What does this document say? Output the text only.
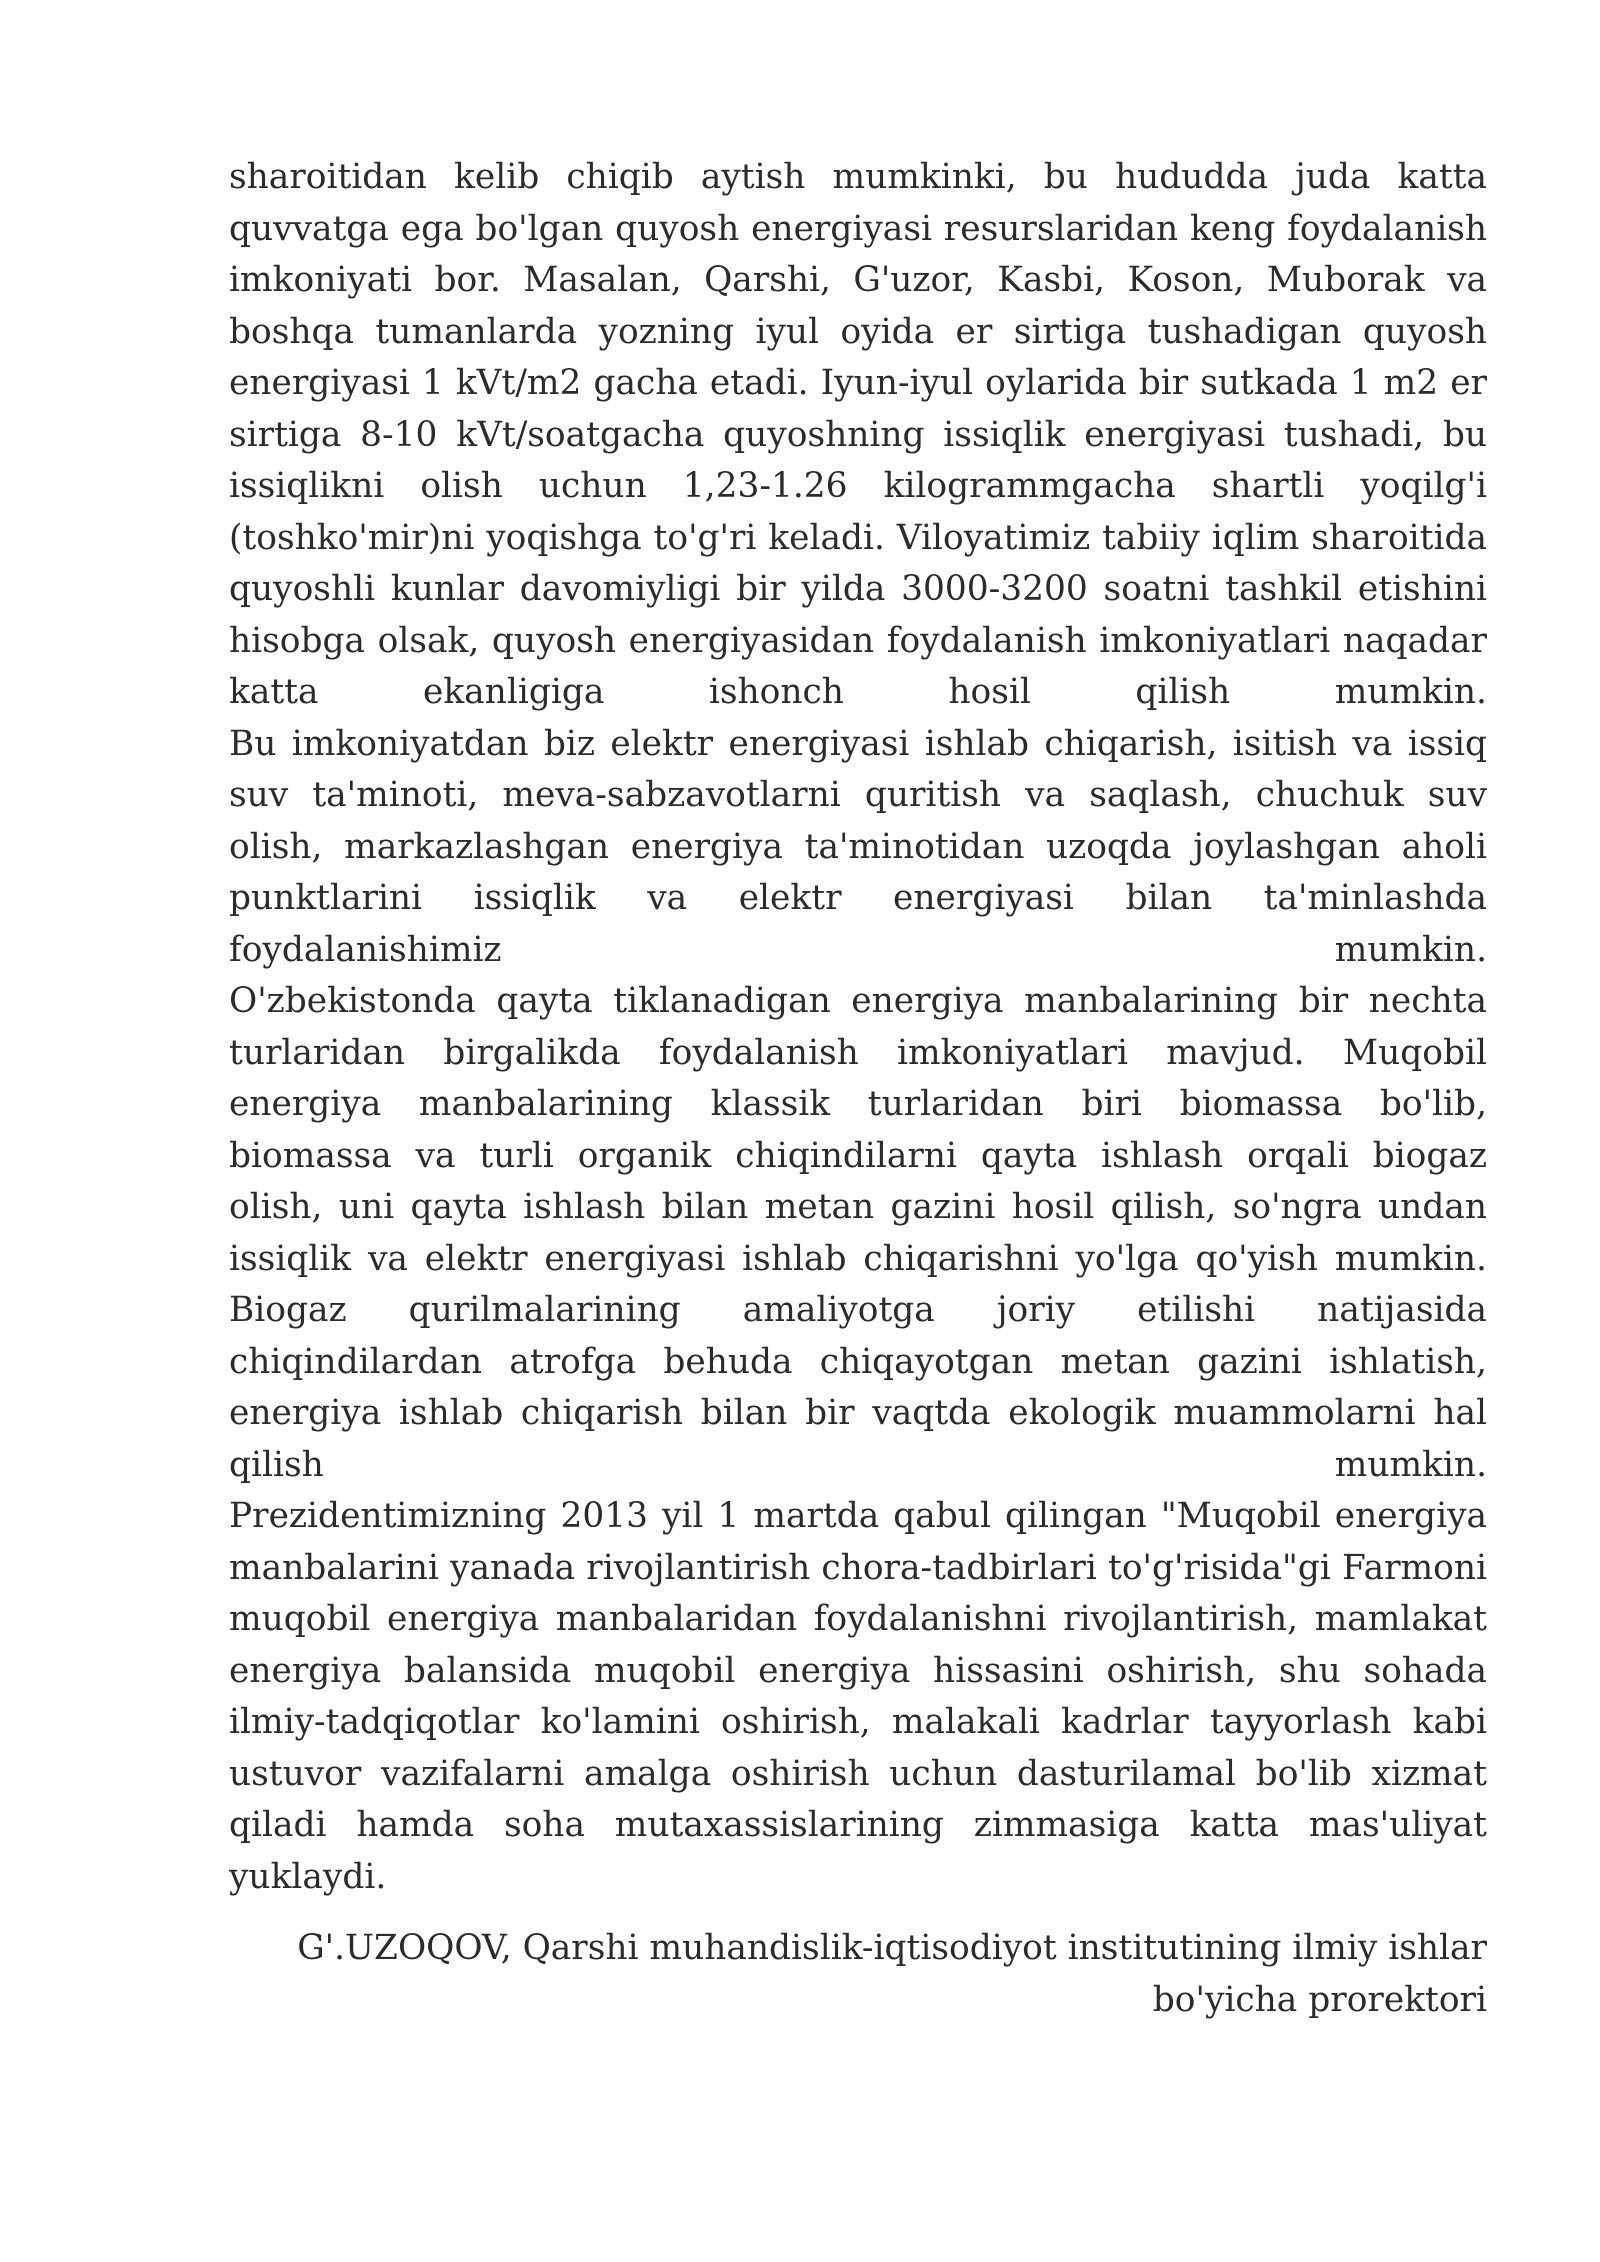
sharoitidan kelib chiqib aytish mumkinki, bu hududda juda katta quvvatga ega bo'lgan quyosh energiyasi resurslaridan keng foydalanish imkoniyati bor. Masalan, Qarshi, G'uzor, Kasbi, Koson, Muborak va boshqa tumanlarda yozning iyul oyida er sirtiga tushadigan quyosh energiyasi 1 kVt/m2 gacha etadi. Iyun-iyul oylarida bir sutkada 1 m2 er sirtiga 8-10 kVt/soatgacha quyoshning issiqlik energiyasi tushadi, bu issiqlikni olish uchun 1,23-1.26 kilogrammgacha shartli yoqilg'i (toshko'mir)ni yoqishga to'g'ri keladi. Viloyatimiz tabiiy iqlim sharoitida quyoshli kunlar davomiyligi bir yilda 3000-3200 soatni tashkil etishini hisobga olsak, quyosh energiyasidan foydalanish imkoniyatlari naqadar katta ekanligiga ishonch hosil qilish mumkin.

Bu imkoniyatdan biz elektr energiyasi ishlab chiqarish, isitish va issiq suv ta'minoti, meva-sabzavotlarni quritish va saqlash, chuchuk suv olish, markazlashgan energiya ta'minotidan uzoqda joylashgan aholi punktlarini issiqlik va elektr energiyasi bilan ta'minlashda foydalanishimiz mumkin.

O'zbekistonda qayta tiklanadigan energiya manbalarining bir nechta turlaridan birgalikda foydalanish imkoniyatlari mavjud. Muqobil energiya manbalarining klassik turlaridan biri biomassa bo'lib, biomassa va turli organik chiqindilarni qayta ishlash orqali biogaz olish, uni qayta ishlash bilan metan gazini hosil qilish, so'ngra undan issiqlik va elektr energiyasi ishlab chiqarishni yo'lga qo'yish mumkin. Biogaz qurilmalarining amaliyotga joriy etilishi natijasida chiqindilardan atrofga behuda chiqayotgan metan gazini ishlatish, energiya ishlab chiqarish bilan bir vaqtda ekologik muammolarni hal qilish mumkin.

Prezidentimizning 2013 yil 1 martda qabul qilingan "Muqobil energiya manbalarini yanada rivojlantirish chora-tadbirlari to'g'risida"gi Farmoni muqobil energiya manbalaridan foydalanishni rivojlantirish, mamlakat energiya balansida muqobil energiya hissasini oshirish, shu sohada ilmiy-tadqiqotlar ko'lamini oshirish, malakali kadrlar tayyorlash kabi ustuvor vazifalarni amalga oshirish uchun dasturilamal bo'lib xizmat qiladi hamda soha mutaxassislarining zimmasiga katta mas'uliyat yuklaydi.

G'.UZOQOV, Qarshi muhandislik-iqtisodiyot institutining ilmiy ishlar
bo'yicha prorektori
